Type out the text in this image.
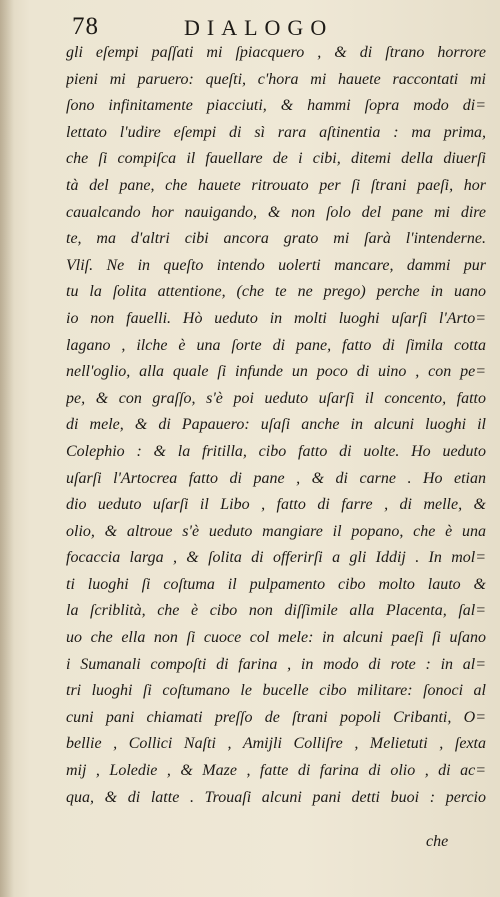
78	DIALOGO
gli eſempi paſſati mi ſpiacquero , & di ſtrano horrore
pieni mi paruero: queſti, c'hora mi hauete raccontati mi
ſono infinitamente piacciuti, & hammi ſopra modo di=
lettato l'udire eſempi di sì rara aſtinentia : ma prima,
che ſi compiſca il fauellare de i cibi, ditemi della diuerſi
tà del pane, che hauete ritrouato per ſi ſtrani paeſi, hor
caualcando hor nauigando, & non ſolo del pane mi dire
te, ma d'altri cibi ancora grato mi ſarà l'intenderne.
Vliſ. Ne in queſto intendo uolerti mancare, dammi pur
tu la ſolita attentione, (che te ne prego) perche in uano
io non fauelli. Hò ueduto in molti luoghi uſarſi l'Arto=
lagano , ilche è una ſorte di pane, fatto di ſimila cotta
nell'oglio, alla quale ſi infunde un poco di uino , con pe=
pe, & con graſſo, s'è poi ueduto uſarſi il concento, fatto
di mele, & di Papauero: uſaſi anche in alcuni luoghi il
Colephio : & la fritilla, cibo fatto di uolte. Ho ueduto
uſarſi l'Artocrea fatto di pane , & di carne . Ho etian
dio ueduto uſarſi il Libo , fatto di farre , di melle, &
olio, & altroue s'è ueduto mangiare il popano, che è una
focaccia larga , & ſolita di offerirſi a gli Iddij . In mol=
ti luoghi ſi coſtuma il pulpamento cibo molto lauto &
la ſcriblità, che è cibo non diſſimile alla Placenta, ſal=
uo che ella non ſi cuoce col mele: in alcuni paeſi ſi uſano
i Sumanali compoſti di farina , in modo di rote : in al=
tri luoghi ſi coſtumano le bucelle cibo militare: ſonoci al
cuni pani chiamati preſſo de ſtrani popoli Cribanti, O=
bellie , Collici Naſti , Amijli Colliſre , Melietuti , ſexta
mij , Loledie , & Maze , fatte di farina di olio , di ac=
qua, & di latte . Trouaſi alcuni pani detti buoi : percio
che
